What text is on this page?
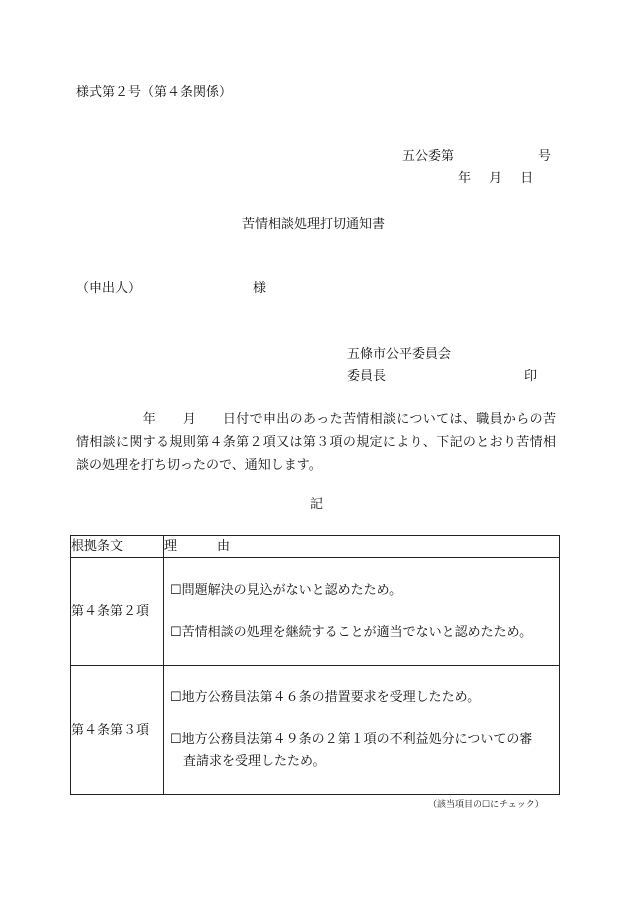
様式第２号（第４条関係）
五公委第	号
年 月 日
苦情相談処理打切通知書
（申出人）	様
五條市公平委員会
委員長	印
　　　　　年　　月　　日付で申出のあった苦情相談については、職員からの苦情相談に関する規則第４条第２項又は第３項の規定により、下記のとおり苦情相談の処理を打ち切ったので、通知します。
記
根拠条文	理由
第４条第２項	☐問題解決の見込がないと認めたため。
☐苦情相談の処理を継続することが適当でないと認めたため。

第４条第３項	☐地方公務員法第４６条の措置要求を受理したため。
☐地方公務員法第４９条の２第１項の不利益処分についての審
査請求を受理したため。
（該当項目の☐にチェック）
